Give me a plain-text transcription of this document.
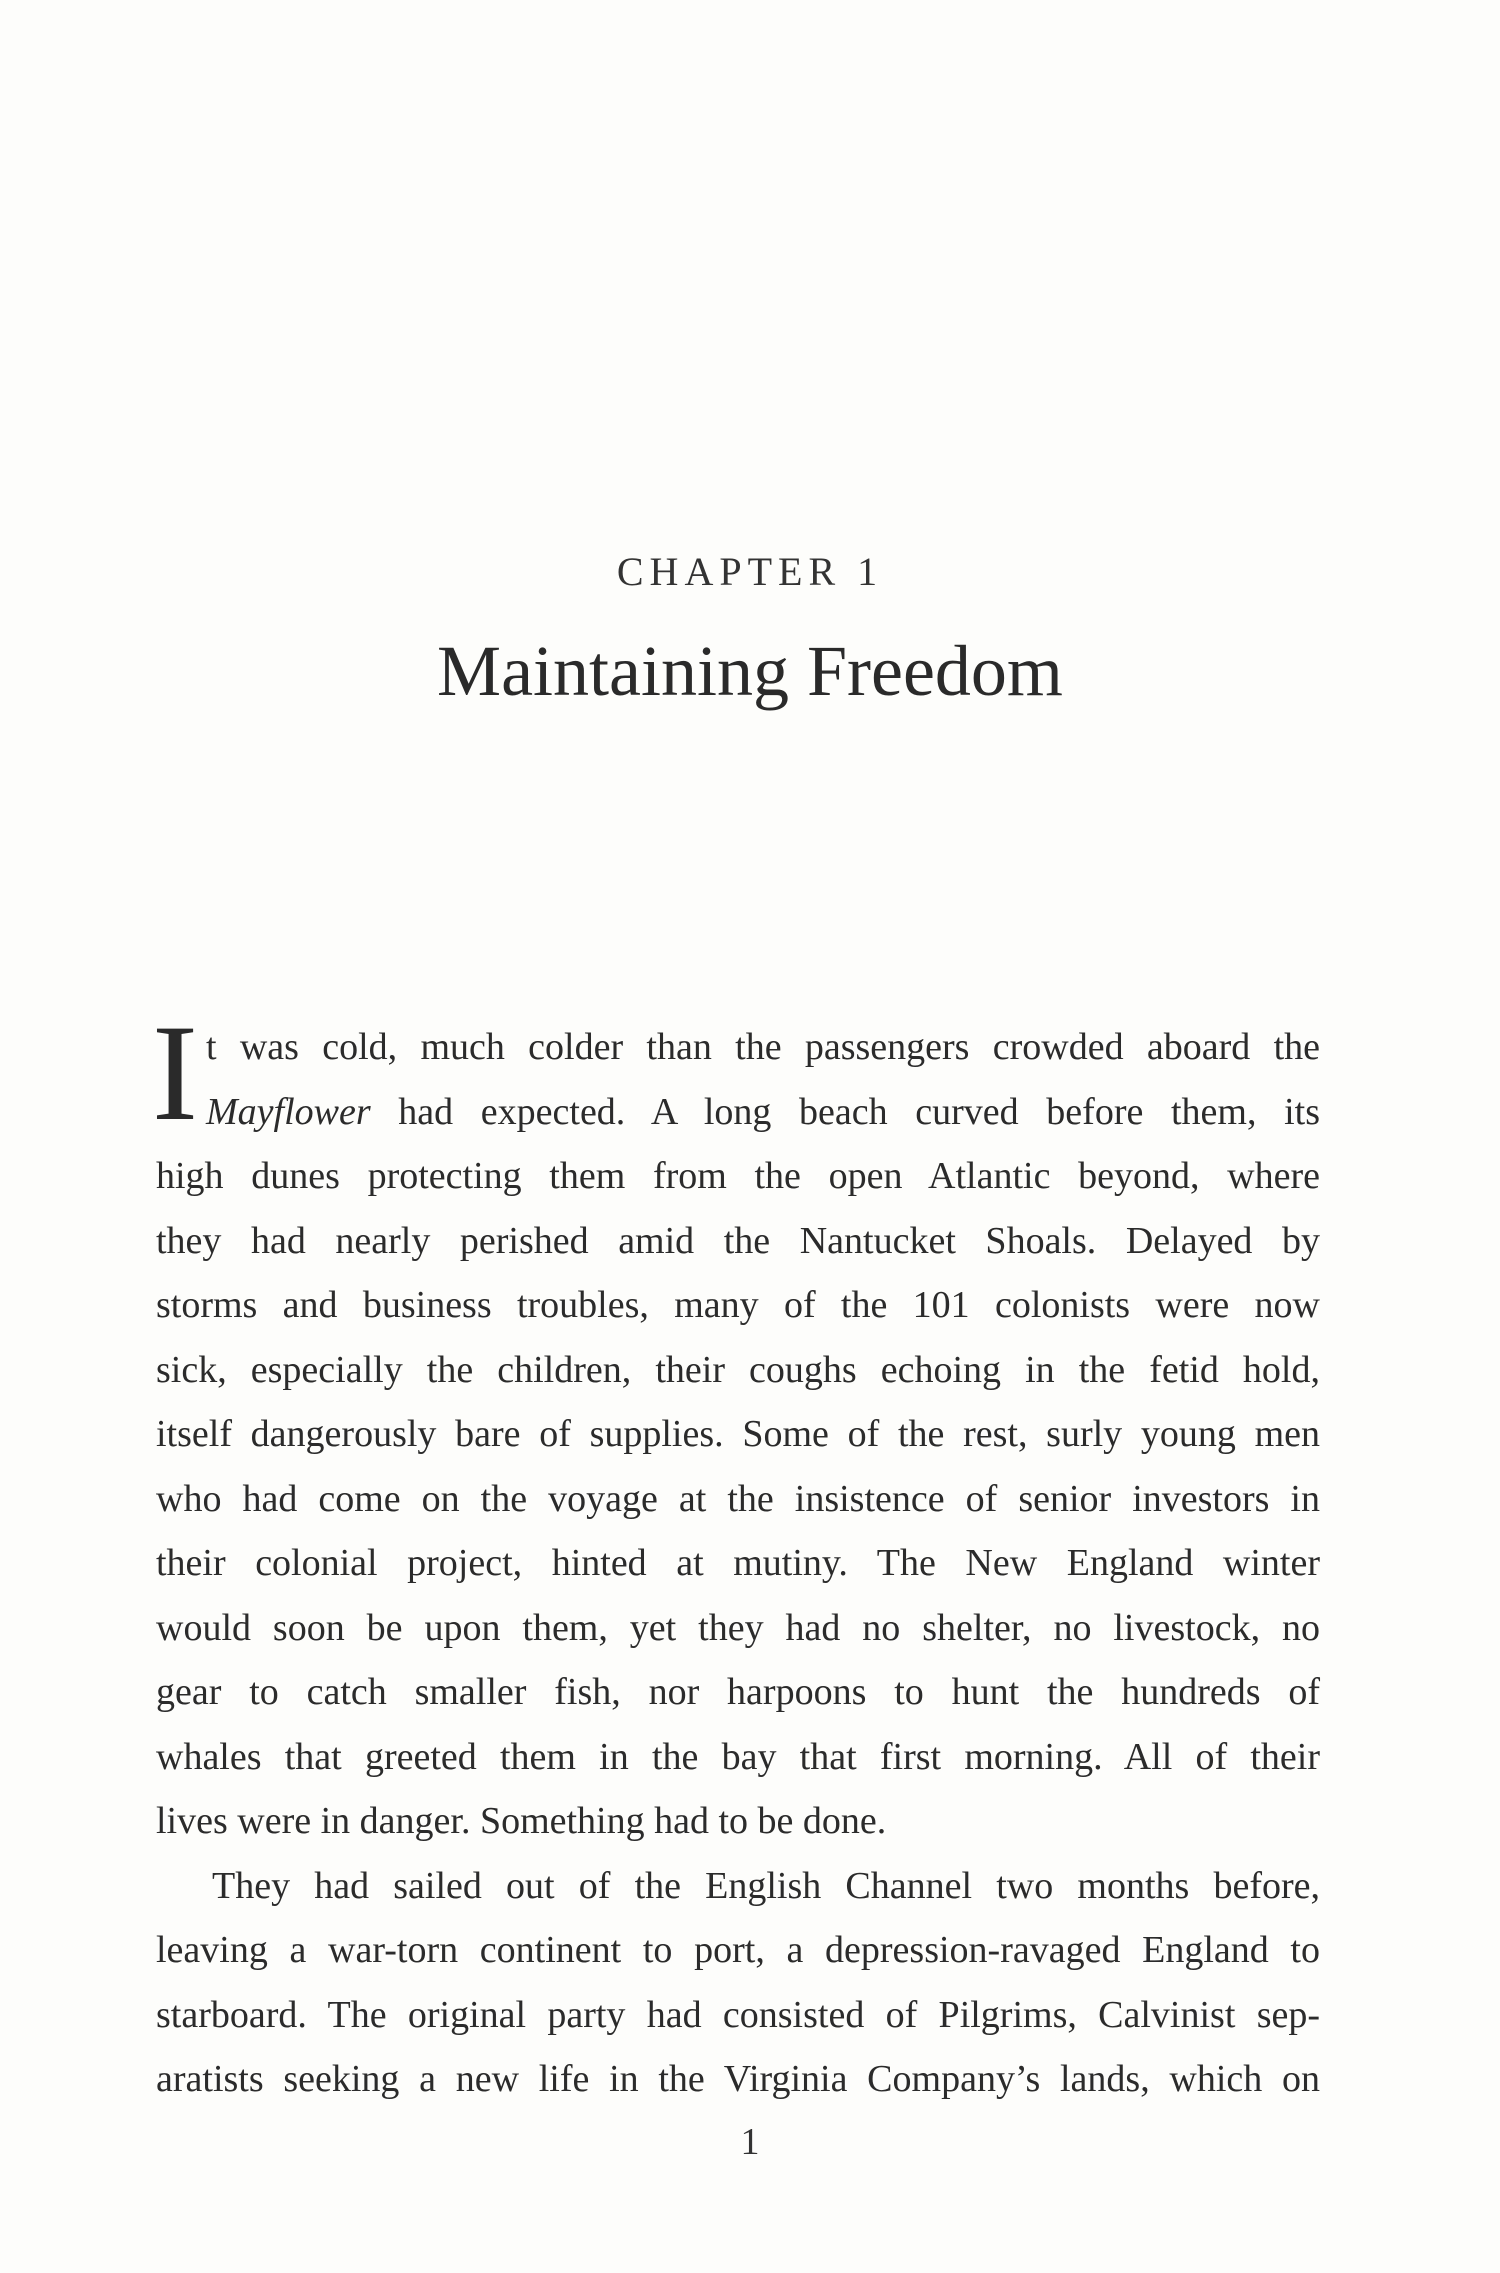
CHAPTER 1
Maintaining Freedom
I t was cold, much colder than the passengers crowded aboard the
Mayflower had expected. A long beach curved before them, its
high dunes protecting them from the open Atlantic beyond, where
they had nearly perished amid the Nantucket Shoals. Delayed by
storms and business troubles, many of the 101 colonists were now
sick, especially the children, their coughs echoing in the fetid hold,
itself dangerously bare of supplies. Some of the rest, surly young men
who had come on the voyage at the insistence of senior investors in
their colonial project, hinted at mutiny. The New England winter
would soon be upon them, yet they had no shelter, no livestock, no
gear to catch smaller fish, nor harpoons to hunt the hundreds of
whales that greeted them in the bay that first morning. All of their
lives were in danger. Something had to be done.
They had sailed out of the English Channel two months before,
leaving a war-torn continent to port, a depression-ravaged England to
starboard. The original party had consisted of Pilgrims, Calvinist sep-
aratists seeking a new life in the Virginia Company’s lands, which on
1
